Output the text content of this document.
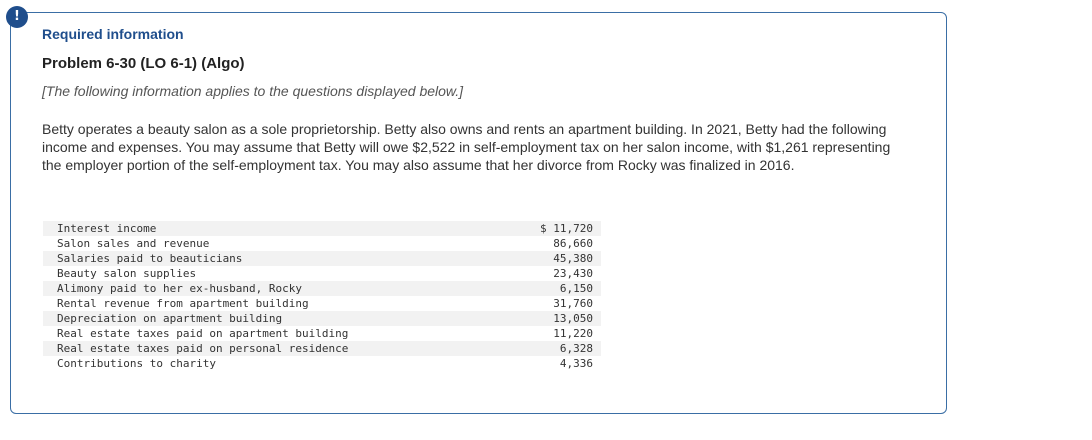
!
Required information
Problem 6-30 (LO 6-1) (Algo)
[The following information applies to the questions displayed below.]
Betty operates a beauty salon as a sole proprietorship. Betty also owns and rents an apartment building. In 2021, Betty had the following income and expenses. You may assume that Betty will owe $2,522 in self-employment tax on her salon income, with $1,261 representing the employer portion of the self-employment tax. You may also assume that her divorce from Rocky was finalized in 2016.
Interest income	$ 11,720
Salon sales and revenue	86,660
Salaries paid to beauticians	45,380
Beauty salon supplies	23,430
Alimony paid to her ex-husband, Rocky	6,150
Rental revenue from apartment building	31,760
Depreciation on apartment building	13,050
Real estate taxes paid on apartment building	11,220
Real estate taxes paid on personal residence	6,328
Contributions to charity	4,336
